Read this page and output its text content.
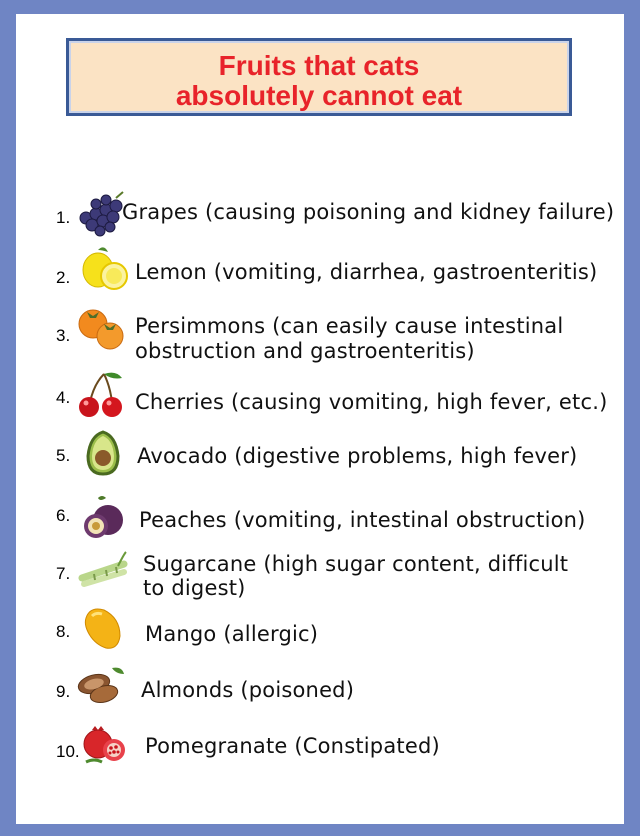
Fruits that cats
absolutely cannot eat
1. Grapes (causing poisoning and kidney failure)
2.	Lemon (vomiting, diarrhea, gastroenteritis)
3.	Persimmons (can easily cause intestinal
obstruction and gastroenteritis)
4.	Cherries (causing vomiting, high fever, etc.)
5.	Avocado (digestive problems, high fever)
6.	Peaches (vomiting, intestinal obstruction)
7.	Sugarcane (high sugar content, difficult
to digest)
8.	Mango (allergic)
9.	Almonds (poisoned)
10.	Pomegranate (Constipated)
